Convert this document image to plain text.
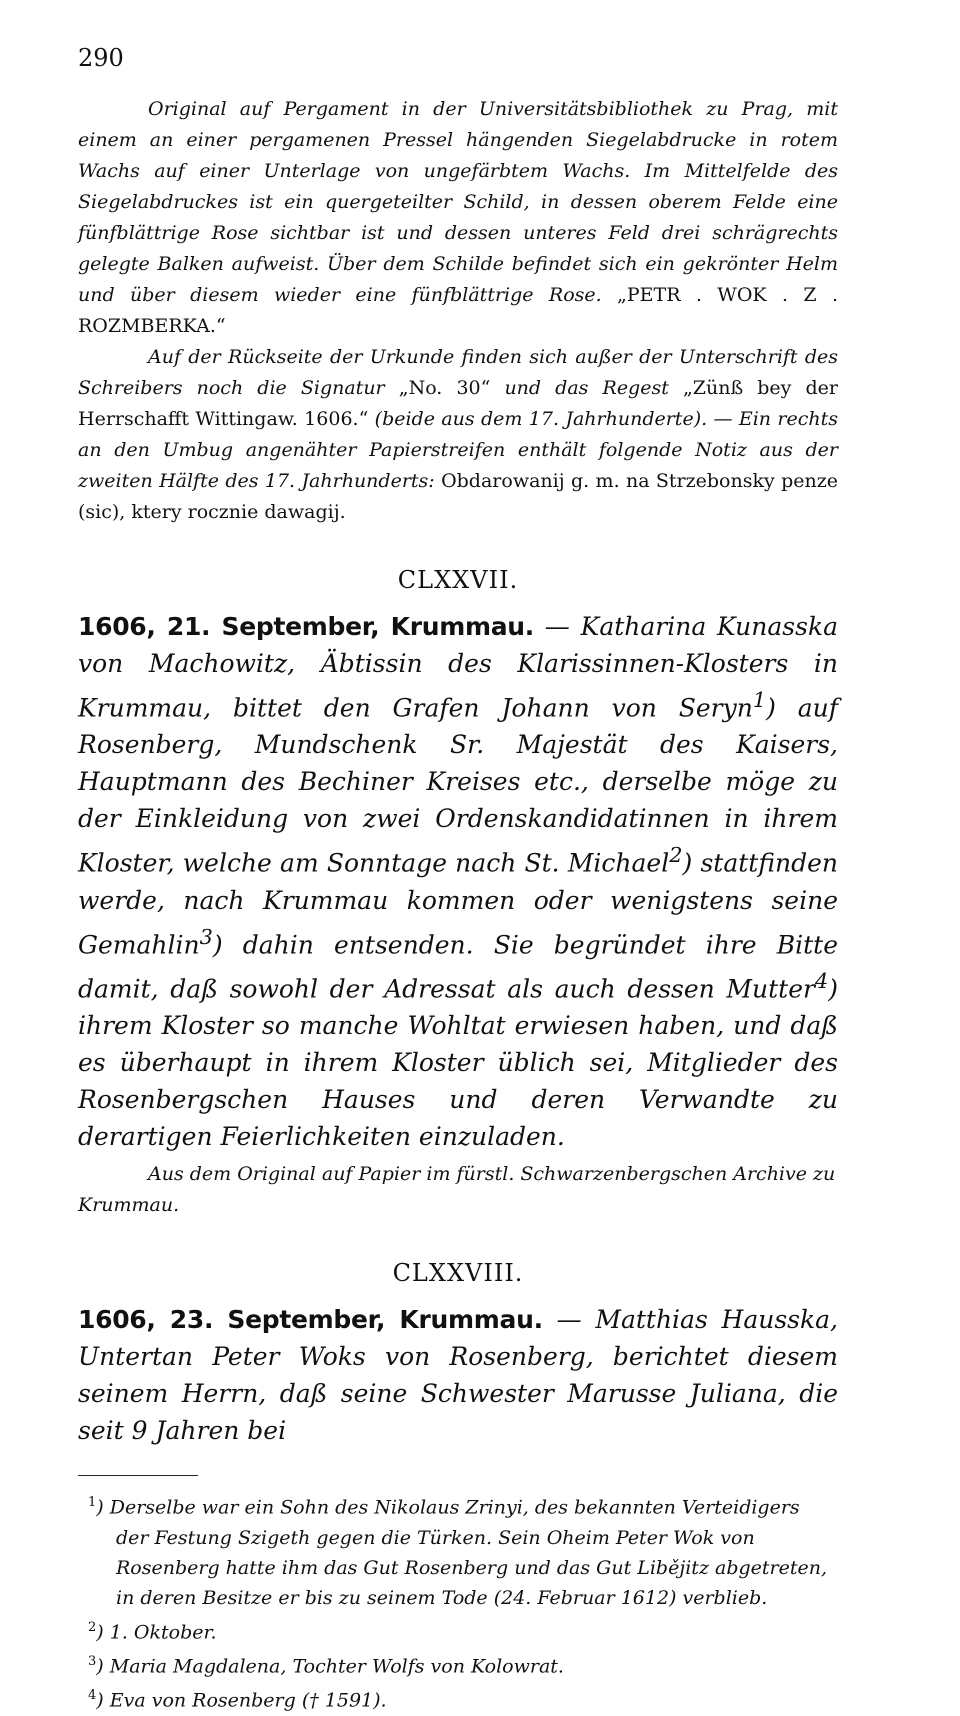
290

Original auf Pergament in der Universitätsbibliothek zu Prag, mit einem an einer pergamenen Pressel hängenden Siegelabdrucke in rotem Wachs auf einer Unterlage von ungefärbtem Wachs. Im Mittelfelde des Siegelabdruckes ist ein quergeteilter Schild, in dessen oberem Felde eine fünfblättrige Rose sichtbar ist und dessen unteres Feld drei schrägrechts gelegte Balken aufweist. Über dem Schilde befindet sich ein gekrönter Helm und über diesem wieder eine fünfblättrige Rose. „PETR . WOK . Z . ROZMBERKA.“

Auf der Rückseite der Urkunde finden sich außer der Unterschrift des Schreibers noch die Signatur „No. 30“ und das Regest „Zünß bey der Herrschafft Wittingaw. 1606.“ (beide aus dem 17. Jahrhunderte). — Ein rechts an den Umbug angenähter Papierstreifen enthält folgende Notiz aus der zweiten Hälfte des 17. Jahrhunderts: Obdarowanij g. m. na Strzebonsky penze (sic), ktery rocznie dawagij.

CLXXVII.

1606, 21. September, Krummau. — Katharina Kunasska von Machowitz, Äbtissin des Klarissinnen-Klosters in Krummau, bittet den Grafen Johann von Seryn$^1$) auf Rosenberg, Mundschenk Sr. Majestät des Kaisers, Hauptmann des Bechiner Kreises etc., derselbe möge zu der Einkleidung von zwei Ordenskandidatinnen in ihrem Kloster, welche am Sonntage nach St. Michael$^2$) stattfinden werde, nach Krummau kommen oder wenigstens seine Gemahlin$^3$) dahin entsenden. Sie begründet ihre Bitte damit, daß sowohl der Adressat als auch dessen Mutter$^4$) ihrem Kloster so manche Wohltat erwiesen haben, und daß es überhaupt in ihrem Kloster üblich sei, Mitglieder des Rosenbergschen Hauses und deren Verwandte zu derartigen Feierlichkeiten einzuladen.

Aus dem Original auf Papier im fürstl. Schwarzenbergschen Archive zu Krummau.

CLXXVIII.

1606, 23. September, Krummau. — Matthias Hausska, Untertan Peter Woks von Rosenberg, berichtet diesem seinem Herrn, daß seine Schwester Marusse Juliana, die seit 9 Jahren bei

$^1$) Derselbe war ein Sohn des Nikolaus Zrinyi, des bekannten Verteidigers der Festung Szigeth gegen die Türken. Sein Oheim Peter Wok von Rosenberg hatte ihm das Gut Rosenberg und das Gut Libějitz abgetreten, in deren Besitze er bis zu seinem Tode (24. Februar 1612) verblieb.

$^2$) 1. Oktober.

$^3$) Maria Magdalena, Tochter Wolfs von Kolowrat.

$^4$) Eva von Rosenberg († 1591).
